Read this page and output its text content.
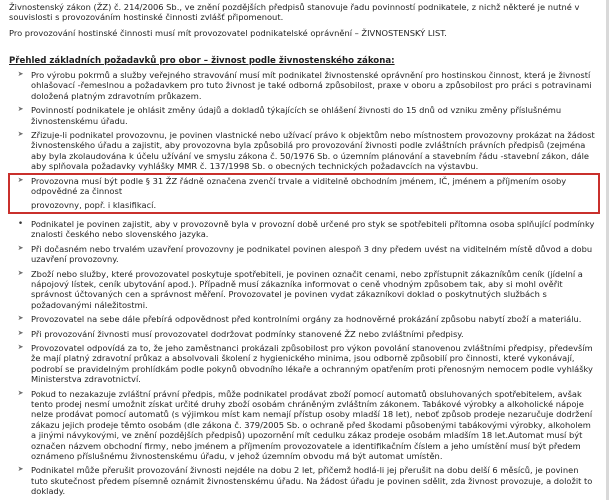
Živnostenský zákon (ŽZ) č. 214/2006 Sb., ve znění pozdějších předpisů stanovuje řadu povinností podnikatele, z nichž některé je nutné v souvislosti s provozováním hostinské činnosti zvlášť připomenout.

Pro provozování hostinské činnosti musí mít provozovatel podnikatelské oprávnění – ŽIVNOSTENSKÝ LIST.

Přehled základních požadavků pro obor – živnost podle živnostenského zákona:

➤ Pro výrobu pokrmů a služby veřejného stravování musí mít podnikatel živnostenské oprávnění pro hostinskou činnost, která je živností ohlašovací -řemeslnou a požadavkem pro tuto živnost je také odborná způsobilost, praxe v oboru a způsobilost pro práci s potravinami doložená platným zdravotním průkazem.
➤ Povinností podnikatele je ohlásit změny údajů a dokladů týkajících se ohlášení živnosti do 15 dnů od vzniku změny příslušnému živnostenskému úřadu.
➤ Zřizuje-li podnikatel provozovnu, je povinen vlastnické nebo užívací právo k objektům nebo místnostem provozovny prokázat na žádost živnostenského úřadu a zajistit, aby provozovna byla způsobilá pro provozování živnosti podle zvláštních právních předpisů (zejména aby byla zkolaudována k účelu užívání ve smyslu zákona č. 50/1976 Sb. o územním plánování a stavebním řádu -stavební zákon, dále aby splňovala požadavky vyhlášky MMR č. 137/1998 Sb. o obecných technických požadavcích na výstavbu.
➤ Provozovna musí být podle § 31 ŽZ řádně označena zvenčí trvale a viditelně obchodním jménem, IČ, jménem a příjmením osoby odpovědné za činnost
provozovny, popř. i klasifikací.
• Podnikatel je povinen zajistit, aby v provozovně byla v provozní době určené pro styk se spotřebiteli přítomna osoba splňující podmínky znalosti českého nebo slovenského jazyka.
➤ Při dočasném nebo trvalém uzavření provozovny je podnikatel povinen alespoň 3 dny předem uvést na viditelném místě důvod a dobu uzavření provozovny.
➤ Zboží nebo služby, které provozovatel poskytuje spotřebiteli, je povinen označit cenami, nebo zpřístupnit zákazníkům ceník (jídelní a nápojový lístek, ceník ubytování apod.). Případně musí zákazníka informovat o ceně vhodným způsobem tak, aby si mohl ověřit správnost účtovaných cen a správnost měření. Provozovatel je povinen vydat zákazníkovi doklad o poskytnutých službách s požadovanými náležitostmi.
➤ Provozovatel na sebe dále přebírá odpovědnost před kontrolními orgány za hodnověrné prokázání způsobu nabytí zboží a materiálu.
➤ Při provozování živnosti musí provozovatel dodržovat podmínky stanovené ŽZ nebo zvláštními předpisy.
➤ Provozovatel odpovídá za to, že jeho zaměstnanci prokázali způsobilost pro výkon povolání stanovenou zvláštními předpisy, především že mají platný zdravotní průkaz a absolvovali školení z hygienického minima, jsou odborně způsobilí pro činnosti, které vykonávají, podrobí se pravidelným prohlídkám podle pokynů obvodního lékaře a ochranným opatřením proti přenosným nemocem podle vyhlášky Ministerstva zdravotnictví.
➤ Pokud to nezakazuje zvláštní právní předpis, může podnikatel prodávat zboží pomocí automatů obsluhovaných spotřebitelem, avšak tento prodej nesmí umožnit získat určité druhy zboží osobám chráněným zvláštním zákonem. Tabákové výrobky a alkoholické nápoje nelze prodávat pomocí automatů (s výjimkou míst kam nemají přístup osoby mladší 18 let), neboť způsob prodeje nezaručuje dodržení zákazu jejich prodeje těmto osobám (dle zákona č. 379/2005 Sb. o ochraně před škodami působenými tabákovými výrobky, alkoholem a jinými návykovými, ve znění pozdějších předpisů) upozornění mít cedulku zákaz prodeje osobám mladším 18 let.Automat musí být označen názvem obchodní firmy, nebo jménem a příjmením provozovatele a identifikačním číslem a jeho umístění musí být předem oznámeno příslušnému živnostenskému úřadu, v jehož územním obvodu má být automat umístěn.
➤ Podnikatel může přerušit provozování živnosti nejdéle na dobu 2 let, přičemž hodlá-li jej přerušit na dobu delší 6 měsíců, je povinen tuto skutečnost předem písemně oznámit živnostenskému úřadu. Na žádost úřadu je povinen sdělit, zda živnost provozuje, a doložit to doklady.
